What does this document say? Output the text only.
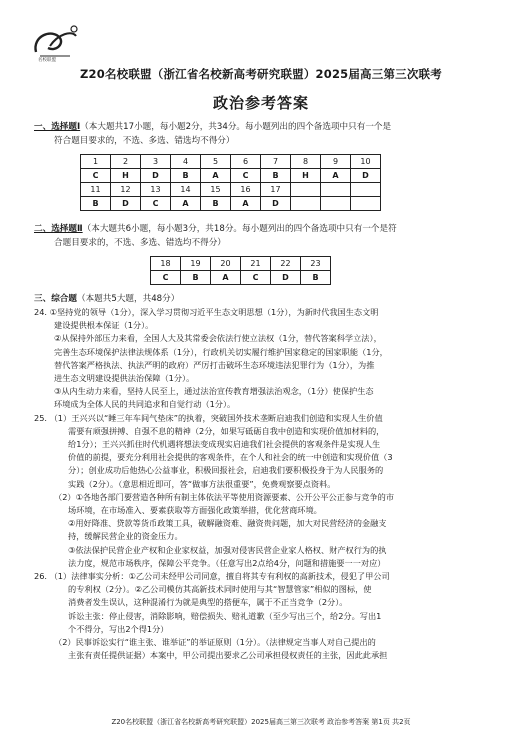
名校联盟
Z20名校联盟（浙江省名校新高考研究联盟）2025届高三第三次联考
政治参考答案
一、选择题Ⅰ（本大题共17小题，每小题2分，共34分。每小题列出的四个备选项中只有一个是
符合题目要求的，不选、多选、错选均不得分）
1	2	3	4	5	6	7	8	9	10
C	H	D	B	A	C	B	H	A	D
11	12	13	14	15	16	17			
B	D	C	A	B	A	D			
二、选择题Ⅱ（本大题共6小题，每小题3分，共18分。每小题列出的四个备选项中只有一个是符
合题目要求的，不选、多选、错选均不得分）
18	19	20	21	22	23
C	B	A	C	D	B
三、综合题（本题共5大题，共48分）

24. ①坚持党的领导（1分），深入学习贯彻习近平生态文明思想（1分），为新时代我国生态文明

建设提供根本保证（1分）。

②从保持外部压力来看，全国人大及其常委会依法行使立法权（1分，替代答案科学立法），

完善生态环境保护法律法规体系（1分），行政机关切实履行维护国家稳定的国家职能（1分，

替代答案严格执法、执法严明的政府）严厉打击破坏生态环境违法犯罪行为（1分），为推

进生态文明建设提供法治保障（1分）。

③从内生动力来看，坚持人民至上，通过法治宣传教育增强法治观念，（1分）使保护生态

环境成为全体人民的共同追求和自觉行动（1分）。

25. （1）王兴兴以“睡三年车间气垫床”的执着，突破国外技术垄断启迪我们创造和实现人生价值

需要有顽强拼搏、自强不息的精神（2分，如果写砥砺自我中创造和实现价值加材料的，

给1分）；王兴兴抓住时代机遇将想法变成现实启迪我们社会提供的客观条件是实现人生

价值的前提，要充分利用社会提供的客观条件，在个人和社会的统一中创造和实现价值（3

分）；创业成功后他热心公益事业，积极回报社会，启迪我们要积极投身于为人民服务的

实践（2分）。（意思相近即可，答“做事方法很重要”，免费观察要点资料。

（2）①各地各部门要营造各种所有制主体依法平等使用资源要素、公开公平公正参与竞争的市

场环境，在市场准入、要素获取等方面强化政策举措，优化营商环境。

②用好降准、贷款等货币政策工具，破解融资难、融资贵问题，加大对民营经济的金融支

持，缓解民营企业的资金压力。

③依法保护民营企业产权和企业家权益，加强对侵害民营企业家人格权、财产权行为的执

法力度，规范市场秩序，保障公平竞争。（任意写出2点给4分，问题和措施要一一对应）

26. （1）法律事实分析：①乙公司未经甲公司同意，擅自将其专有利权的高新技术，侵犯了甲公司

的专利权（2分）。②乙公司模仿其高新技术同时使用与其“智慧管家”相似的图标，使

消费者发生误认，这种混淆行为就是典型的搭便车，属于不正当竞争（2分）。

诉讼主张：停止侵害，消除影响，赔偿损失、赔礼道歉（至少写出三个，给2分。写出1

个不得分，写出2个得1分）

（2）民事诉讼实行“谁主张、谁举证”的举证原则（1分）。（法律规定当事人对自己提出的

主张有责任提供证据）本案中，甲公司提出要求乙公司承担侵权责任的主张，因此此承担

Z20名校联盟（浙江省名校新高考研究联盟）2025届高三第三次联考 政治参考答案 第1页 共2页
